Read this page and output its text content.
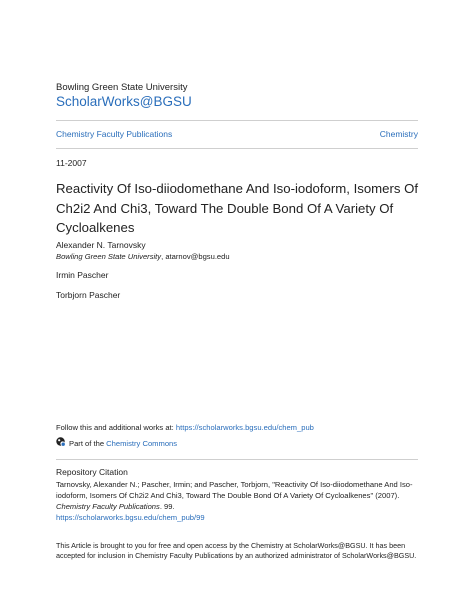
Bowling Green State University
ScholarWorks@BGSU
Chemistry Faculty Publications	Chemistry
11-2007
Reactivity Of Iso-diiodomethane And Iso-iodoform, Isomers Of
Ch2i2 And Chi3, Toward The Double Bond Of A Variety Of
Cycloalkenes
Alexander N. Tarnovsky
Bowling Green State University, atarnov@bgsu.edu
Irmin Pascher
Torbjorn Pascher
Follow this and additional works at: https://scholarworks.bgsu.edu/chem_pub
Part of the
Chemistry Commons
Repository Citation
Tarnovsky, Alexander N.; Pascher, Irmin; and Pascher, Torbjorn, "Reactivity Of Iso-diiodomethane And Iso-
iodoform, Isomers Of Ch2i2 And Chi3, Toward The Double Bond Of A Variety Of Cycloalkenes" (2007).
Chemistry Faculty Publications. 99.
https://scholarworks.bgsu.edu/chem_pub/99
This Article is brought to you for free and open access by the Chemistry at ScholarWorks@BGSU. It has been
accepted for inclusion in Chemistry Faculty Publications by an authorized administrator of ScholarWorks@BGSU.
